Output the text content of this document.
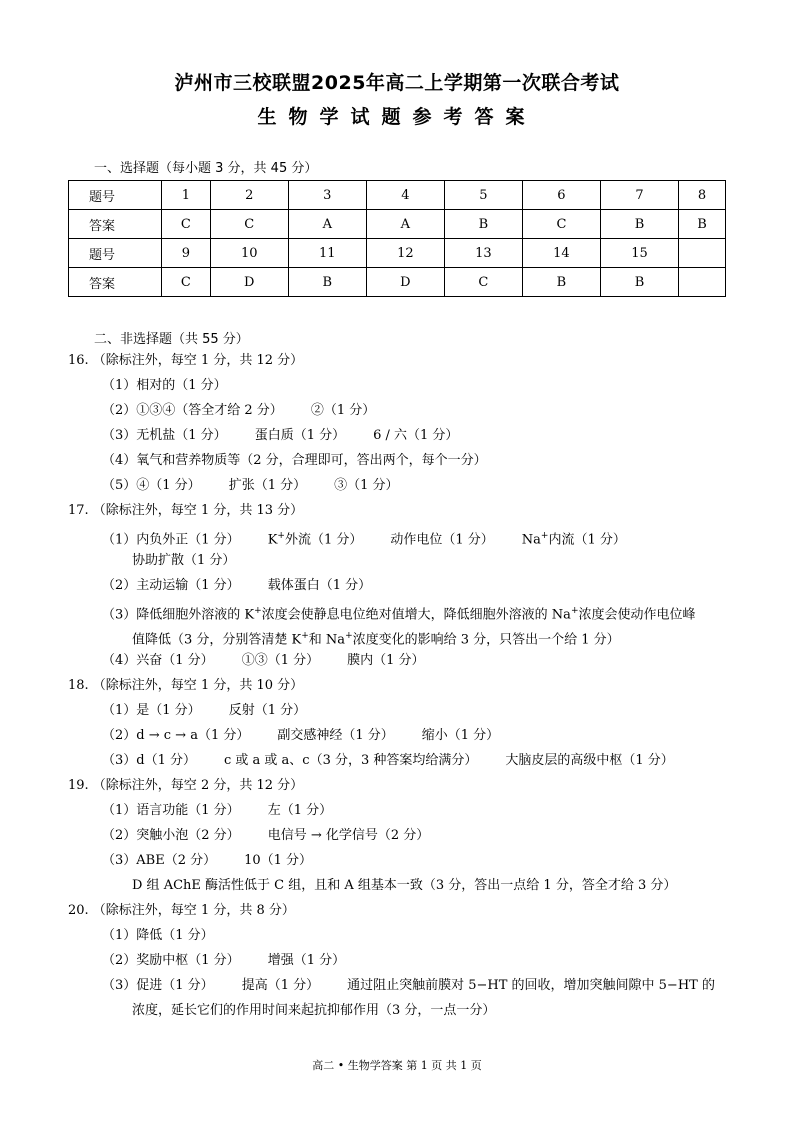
泸州市三校联盟2025年高二上学期第一次联合考试
生物学试题参考答案
一、选择题（每小题 3 分，共 45 分）
题号	1	2	3	4	5	6	7	8
答案	C	C	A	A	B	C	B	B
题号	9	10	11	12	13	14	15	
答案	C	D	B	D	C	B	B	
二、非选择题（共 55 分）
16. （除标注外，每空 1 分，共 12 分）
（1）相对的（1 分）
（2）①③④（答全才给 2 分） ②（1 分）
（3）无机盐（1 分） 蛋白质（1 分） 6 / 六（1 分）
（4）氧气和营养物质等（2 分，合理即可，答出两个，每个一分）
（5）④（1 分） 扩张（1 分） ③（1 分）
17. （除标注外，每空 1 分，共 13 分）
（1）内负外正（1 分） K+外流（1 分） 动作电位（1 分） Na+内流（1 分）
协助扩散（1 分）
（2）主动运输（1 分） 载体蛋白（1 分）
（3）降低细胞外溶液的 K+浓度会使静息电位绝对值增大，降低细胞外溶液的 Na+浓度会使动作电位峰
值降低（3 分，分别答清楚 K+和 Na+浓度变化的影响给 3 分，只答出一个给 1 分）
（4）兴奋（1 分） ①③（1 分） 膜内（1 分）
18. （除标注外，每空 1 分，共 10 分）
（1）是（1 分） 反射（1 分）
（2）d → c → a（1 分） 副交感神经（1 分） 缩小（1 分）
（3）d（1 分） c 或 a 或 a、c（3 分，3 种答案均给满分） 大脑皮层的高级中枢（1 分）
19. （除标注外，每空 2 分，共 12 分）
（1）语言功能（1 分） 左（1 分）
（2）突触小泡（2 分） 电信号 → 化学信号（2 分）
（3）ABE（2 分） 10（1 分）
D 组 AChE 酶活性低于 C 组，且和 A 组基本一致（3 分，答出一点给 1 分，答全才给 3 分）
20. （除标注外，每空 1 分，共 8 分）
（1）降低（1 分）
（2）奖励中枢（1 分） 增强（1 分）
（3）促进（1 分） 提高（1 分） 通过阻止突触前膜对 5−HT 的回收，增加突触间隙中 5−HT 的
浓度，延长它们的作用时间来起抗抑郁作用（3 分，一点一分）
高二 • 生物学答案 第 1 页 共 1 页
